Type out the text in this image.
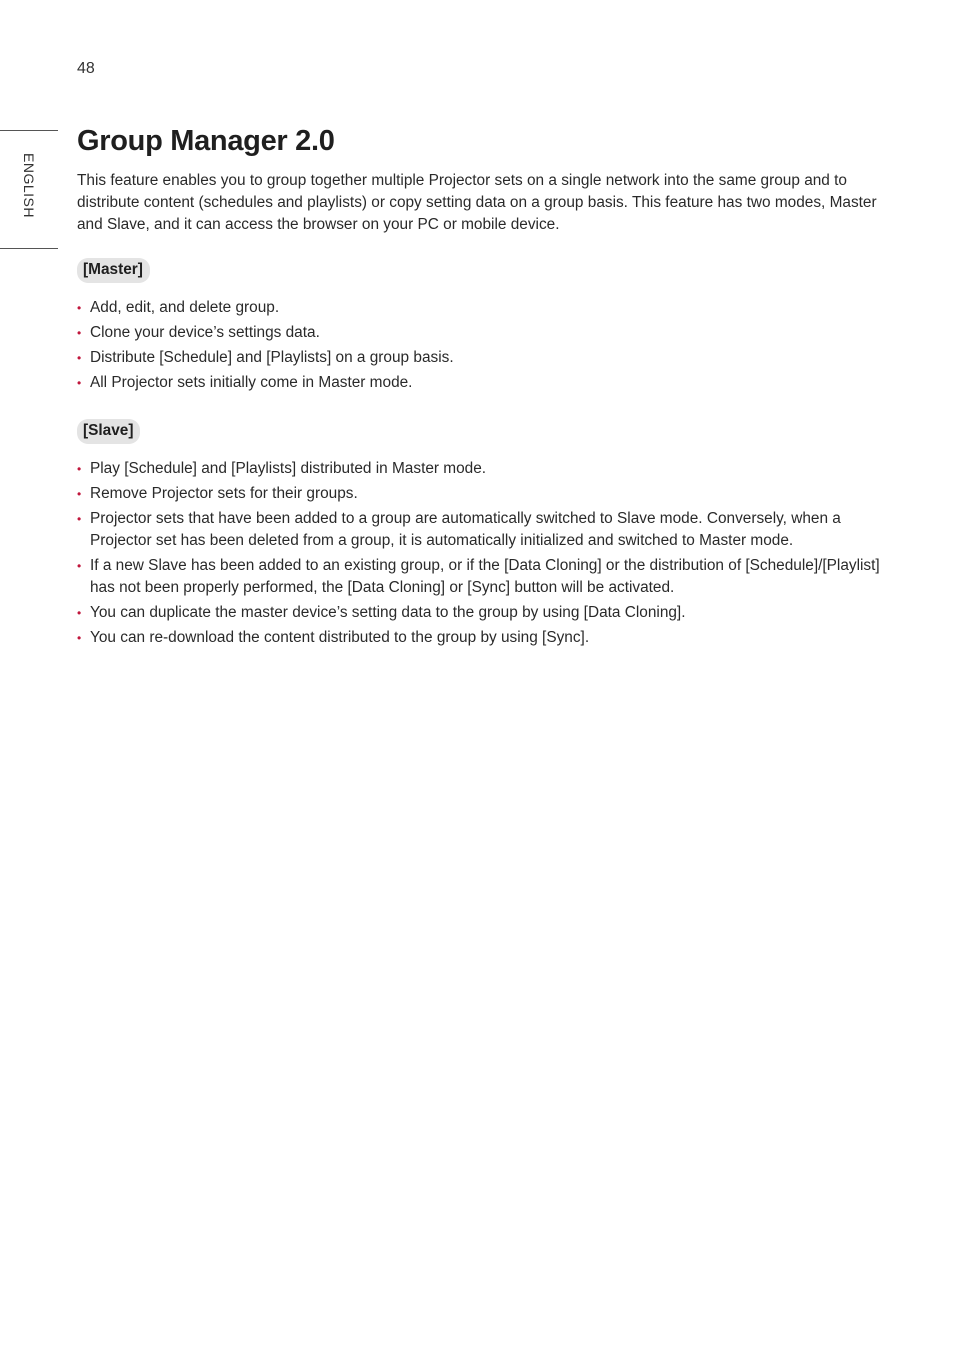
48
ENGLISH
Group Manager 2.0

This feature enables you to group together multiple Projector sets on a single network into the same group and to distribute content (schedules and playlists) or copy setting data on a group basis. This feature has two modes, Master and Slave, and it can access the browser on your PC or mobile device.

[Master]
• Add, edit, and delete group.
• Clone your device’s settings data.
• Distribute [Schedule] and [Playlists] on a group basis.
• All Projector sets initially come in Master mode.
[Slave]
• Play [Schedule] and [Playlists] distributed in Master mode.
• Remove Projector sets for their groups.
• Projector sets that have been added to a group are automatically switched to Slave mode. Conversely, when a Projector set has been deleted from a group, it is automatically initialized and switched to Master mode.
• If a new Slave has been added to an existing group, or if the [Data Cloning] or the distribution of [Schedule]/[Playlist] has not been properly performed, the [Data Cloning] or [Sync] button will be activated.
• You can duplicate the master device’s setting data to the group by using [Data Cloning].
• You can re-download the content distributed to the group by using [Sync].
